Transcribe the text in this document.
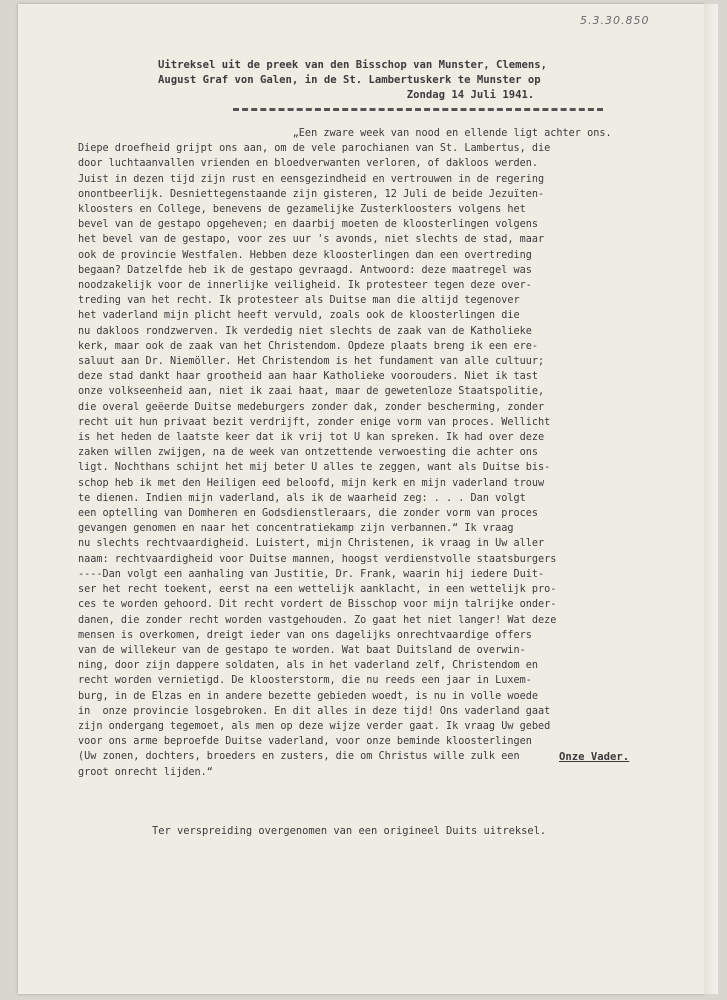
5.3.30.850
Uitreksel uit de preek van den Bisschop van Munster, Clemens,
August Graf von Galen, in de St. Lambertuskerk te Munster op
Zondag 14 Juli 1941.
„Een zware week van nood en ellende ligt achter ons.
Diepe droefheid grijpt ons aan, om de vele parochianen van St. Lambertus, die
door luchtaanvallen vrienden en bloedverwanten verloren, of dakloos werden.
Juist in dezen tijd zijn rust en eensgezindheid en vertrouwen in de regering
onontbeerlijk. Desniettegenstaande zijn gisteren, 12 Juli de beide Jezuïten-
kloosters en College, benevens de gezamelijke Zusterkloosters volgens het
bevel van de gestapo opgeheven; en daarbij moeten de kloosterlingen volgens
het bevel van de gestapo, voor zes uur 's avonds, niet slechts de stad, maar
ook de provincie Westfalen. Hebben deze kloosterlingen dan een overtreding
begaan? Datzelfde heb ik de gestapo gevraagd. Antwoord: deze maatregel was
noodzakelijk voor de innerlijke veiligheid. Ik protesteer tegen deze over-
treding van het recht. Ik protesteer als Duitse man die altijd tegenover
het vaderland mijn plicht heeft vervuld, zoals ook de kloosterlingen die
nu dakloos rondzwerven. Ik verdedig niet slechts de zaak van de Katholieke
kerk, maar ook de zaak van het Christendom. Opdeze plaats breng ik een ere-
saluut aan Dr. Niemöller. Het Christendom is het fundament van alle cultuur;
deze stad dankt haar grootheid aan haar Katholieke voorouders. Niet ik tast
onze volkseenheid aan, niet ik zaai haat, maar de gewetenloze Staatspolitie,
die overal geëerde Duitse medeburgers zonder dak, zonder bescherming, zonder
recht uit hun privaat bezit verdrijft, zonder enige vorm van proces. Wellicht
is het heden de laatste keer dat ik vrij tot U kan spreken. Ik had over deze
zaken willen zwijgen, na de week van ontzettende verwoesting die achter ons
ligt. Nochthans schijnt het mij beter U alles te zeggen, want als Duitse bis-
schop heb ik met den Heiligen eed beloofd, mijn kerk en mijn vaderland trouw
te dienen. Indien mijn vaderland, als ik de waarheid zeg: . . . Dan volgt
een optelling van Domheren en Godsdienstleraars, die zonder vorm van proces
gevangen genomen en naar het concentratiekamp zijn verbannen.“ Ik vraag
nu slechts rechtvaardigheid. Luistert, mijn Christenen, ik vraag in Uw aller
naam: rechtvaardigheid voor Duitse mannen, hoogst verdienstvolle staatsburgers
----Dan volgt een aanhaling van Justitie, Dr. Frank, waarin hij iedere Duit-
ser het recht toekent, eerst na een wettelijk aanklacht, in een wettelijk pro-
ces te worden gehoord. Dit recht vordert de Bisschop voor mijn talrijke onder-
danen, die zonder recht worden vastgehouden. Zo gaat het niet langer! Wat deze
mensen is overkomen, dreigt ieder van ons dagelijks onrechtvaardige offers
van de willekeur van de gestapo te worden. Wat baat Duitsland de overwin-
ning, door zijn dappere soldaten, als in het vaderland zelf, Christendom en
recht worden vernietigd. De kloosterstorm, die nu reeds een jaar in Luxem-
burg, in de Elzas en in andere bezette gebieden woedt, is nu in volle woede
in  onze provincie losgebroken. En dit alles in deze tijd! Ons vaderland gaat
zijn ondergang tegemoet, als men op deze wijze verder gaat. Ik vraag Uw gebed
voor ons arme beproefde Duitse vaderland, voor onze beminde kloosterlingen
(Uw zonen, dochters, broeders en zusters, die om Christus wille zulk een
groot onrecht lijden.“
Onze Vader.
Ter verspreiding overgenomen van een origineel Duits uitreksel.
